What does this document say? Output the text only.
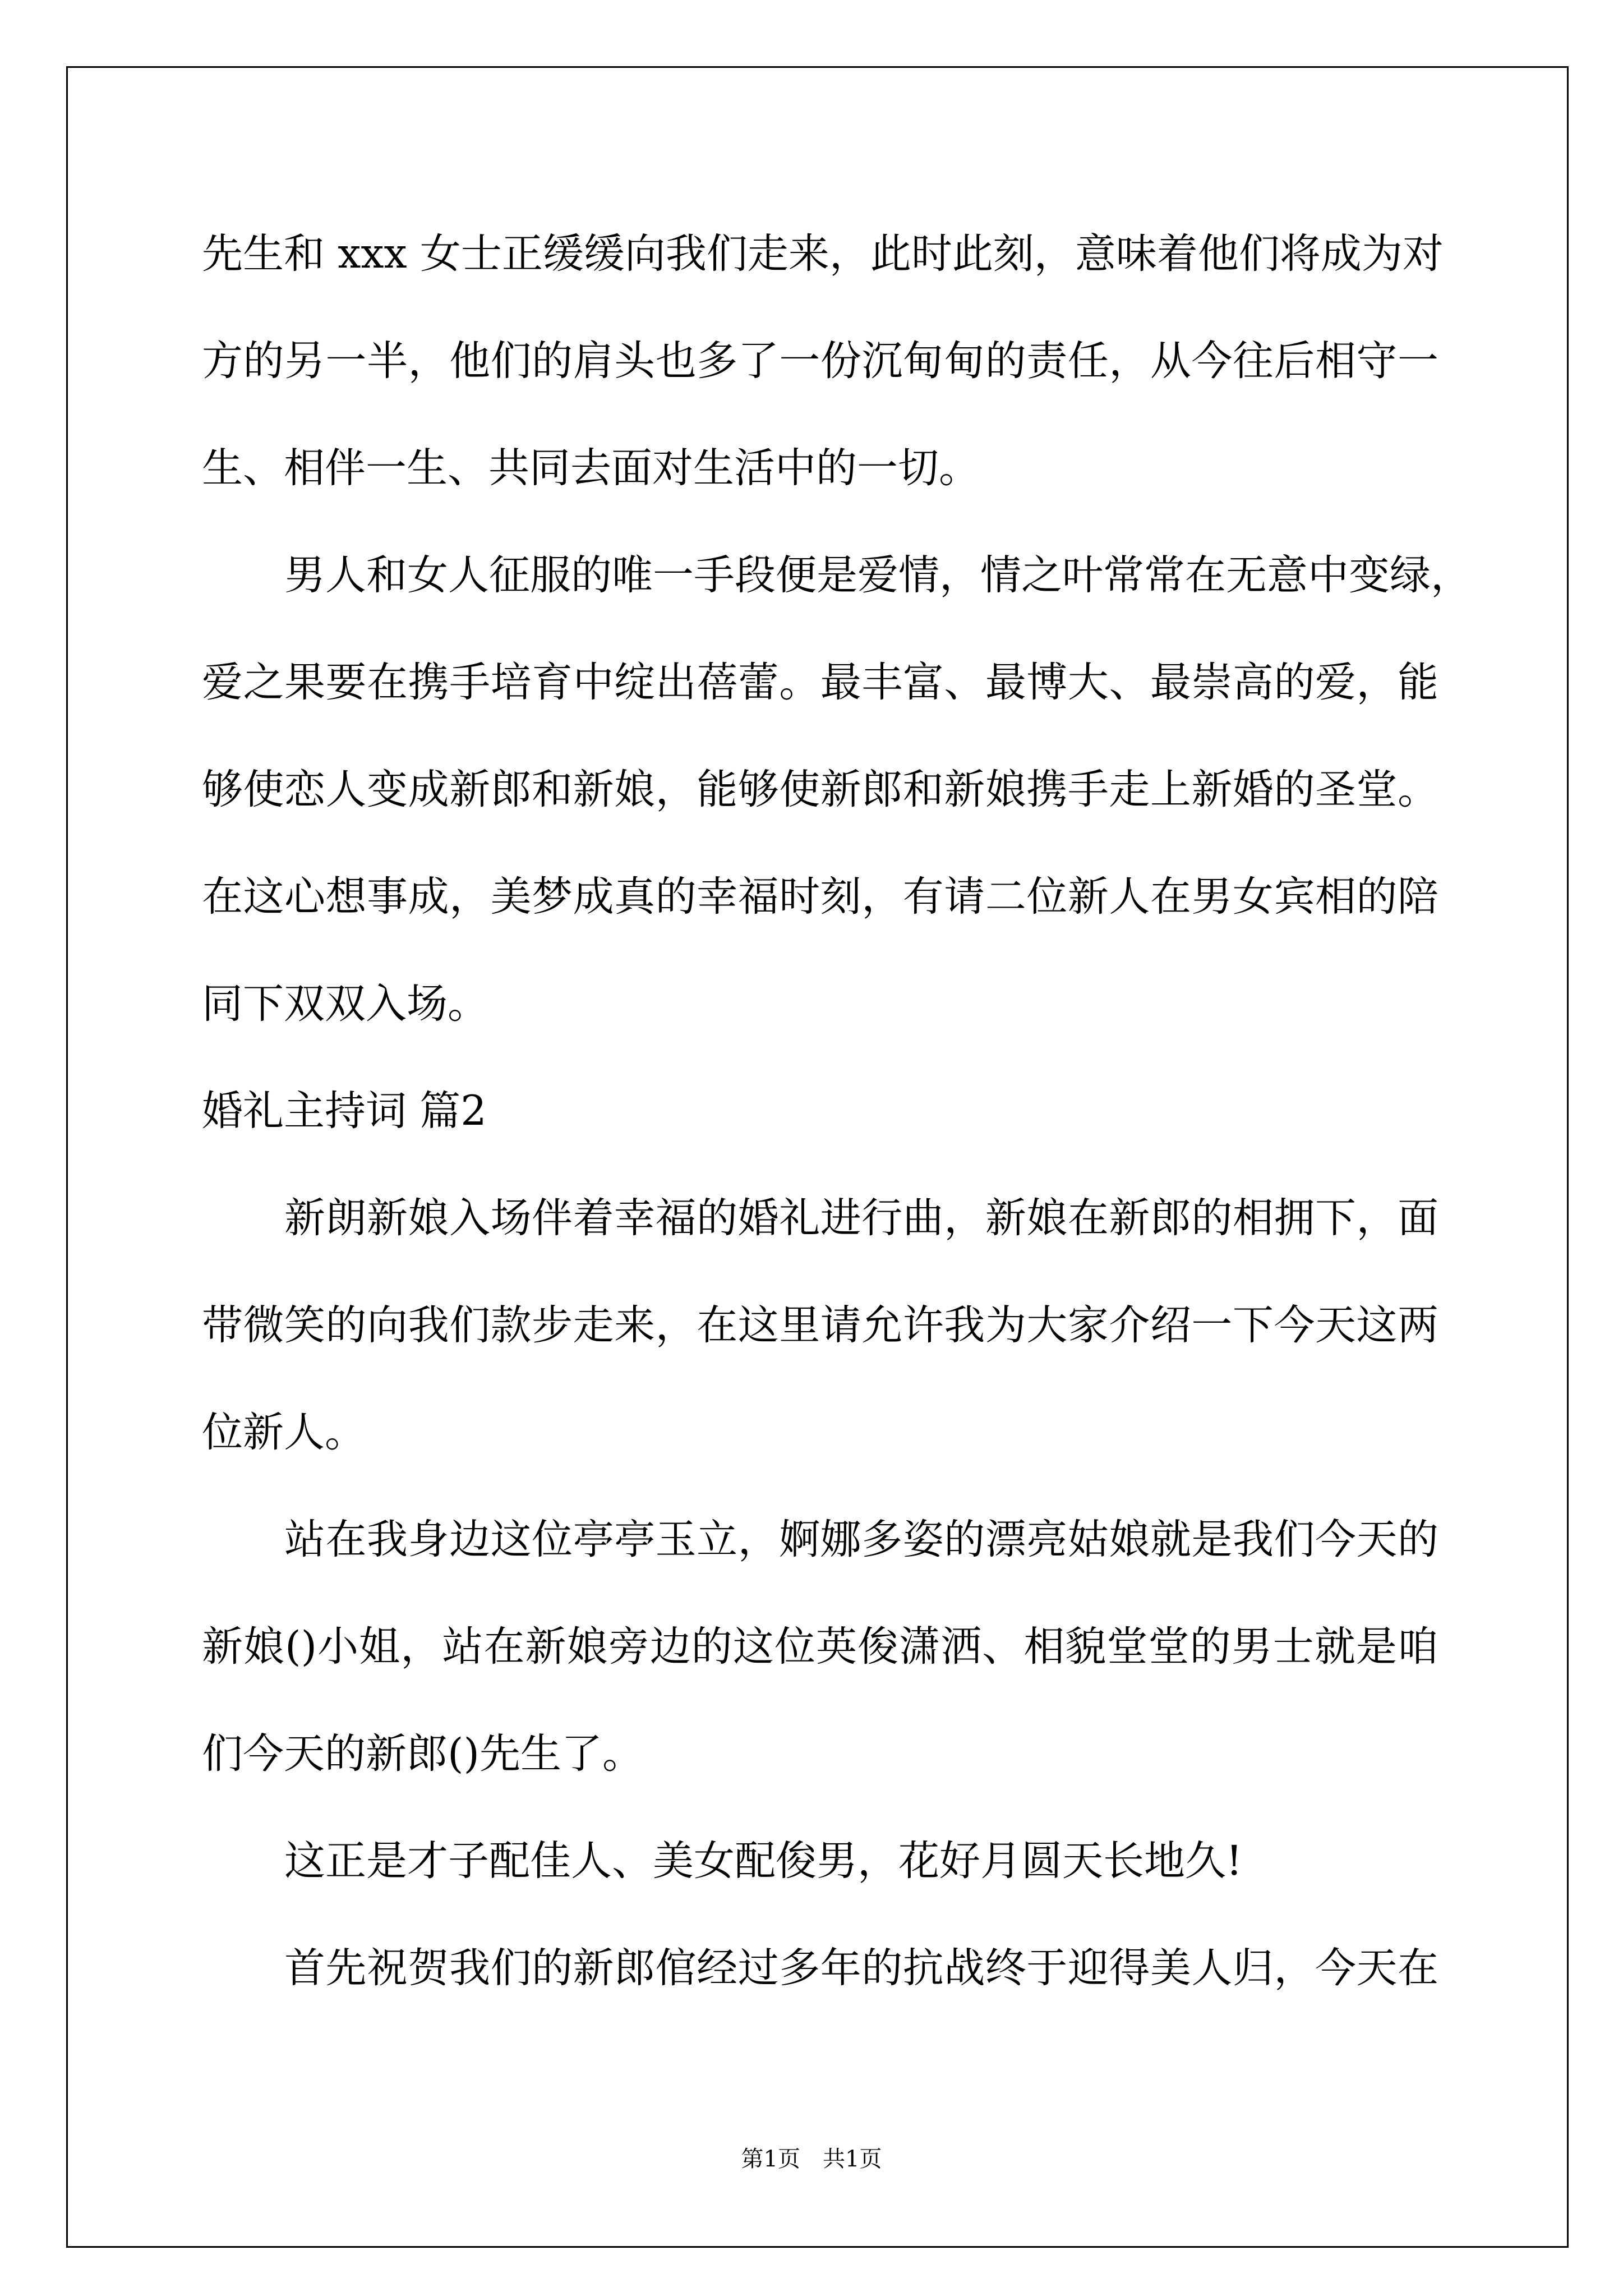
先生和 xxx 女士正缓缓向我们走来，此时此刻，意味着他们将成为对
方的另一半，他们的肩头也多了一份沉甸甸的责任，从今往后相守一
生、相伴一生、共同去面对生活中的一切。
男人和女人征服的唯一手段便是爱情，情之叶常常在无意中变绿，
爱之果要在携手培育中绽出蓓蕾。最丰富、最博大、最崇高的爱，能
够使恋人变成新郎和新娘，能够使新郎和新娘携手走上新婚的圣堂。
在这心想事成，美梦成真的幸福时刻，有请二位新人在男女宾相的陪
同下双双入场。
婚礼主持词 篇2
新朗新娘入场伴着幸福的婚礼进行曲，新娘在新郎的相拥下，面
带微笑的向我们款步走来，在这里请允许我为大家介绍一下今天这两
位新人。
站在我身边这位亭亭玉立，婀娜多姿的漂亮姑娘就是我们今天的
新娘()小姐，站在新娘旁边的这位英俊潇洒、相貌堂堂的男士就是咱
们今天的新郎()先生了。
这正是才子配佳人、美女配俊男，花好月圆天长地久!
首先祝贺我们的新郎倌经过多年的抗战终于迎得美人归，今天在
第1页　共1页
